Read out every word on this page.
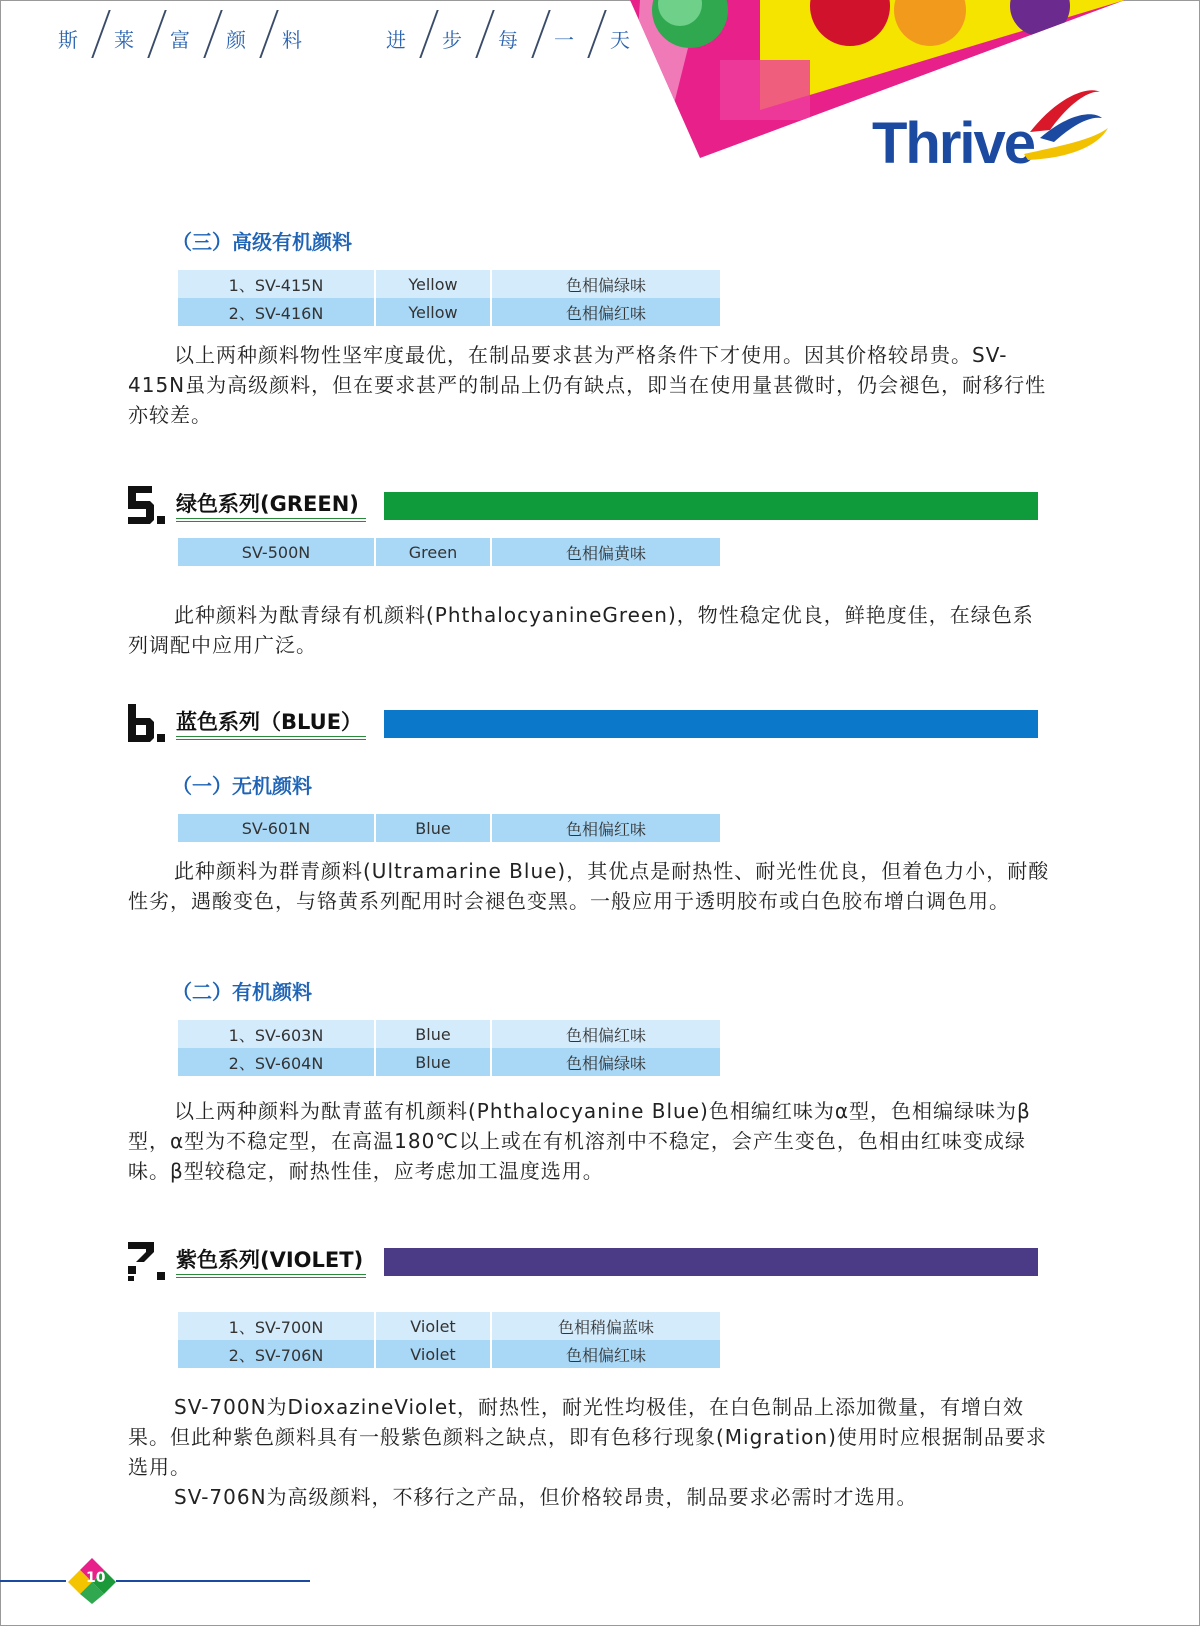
斯	莱	富	颜	料	进	步	每	一	天
Thrive
（三）高级有机颜料
1、SV-415N	Yellow	色相偏绿味
2、SV-416N	Yellow	色相偏红味

以上两种颜料物性坚牢度最优，在制品要求甚为严格条件下才使用。因其价格较昂贵。SV-415N虽为高级颜料，但在要求甚严的制品上仍有缺点，即当在使用量甚微时，仍会褪色，耐移行性亦较差。

绿色系列(GREEN)
SV-500N	Green	色相偏黄味

此种颜料为酞青绿有机颜料(PhthalocyanineGreen)，物性稳定优良，鲜艳度佳，在绿色系列调配中应用广泛。

蓝色系列（BLUE）
（一）无机颜料
SV-601N	Blue	色相偏红味

此种颜料为群青颜料(Ultramarine Blue)，其优点是耐热性、耐光性优良，但着色力小，耐酸性劣，遇酸变色，与铬黄系列配用时会褪色变黑。一般应用于透明胶布或白色胶布增白调色用。

（二）有机颜料
1、SV-603N	Blue	色相偏红味
2、SV-604N	Blue	色相偏绿味

以上两种颜料为酞青蓝有机颜料(Phthalocyanine Blue)色相编红味为α型，色相编绿味为β型，α型为不稳定型，在高温180℃以上或在有机溶剂中不稳定，会产生变色，色相由红味变成绿味。β型较稳定，耐热性佳，应考虑加工温度选用。

紫色系列(VIOLET)
1、SV-700N	Violet	色相稍偏蓝味
2、SV-706N	Violet	色相偏红味

SV-700N为DioxazineViolet，耐热性，耐光性均极佳，在白色制品上添加微量，有增白效果。但此种紫色颜料具有一般紫色颜料之缺点，即有色移行现象(Migration)使用时应根据制品要求选用。

SV-706N为高级颜料，不移行之产品，但价格较昂贵，制品要求必需时才选用。

10
